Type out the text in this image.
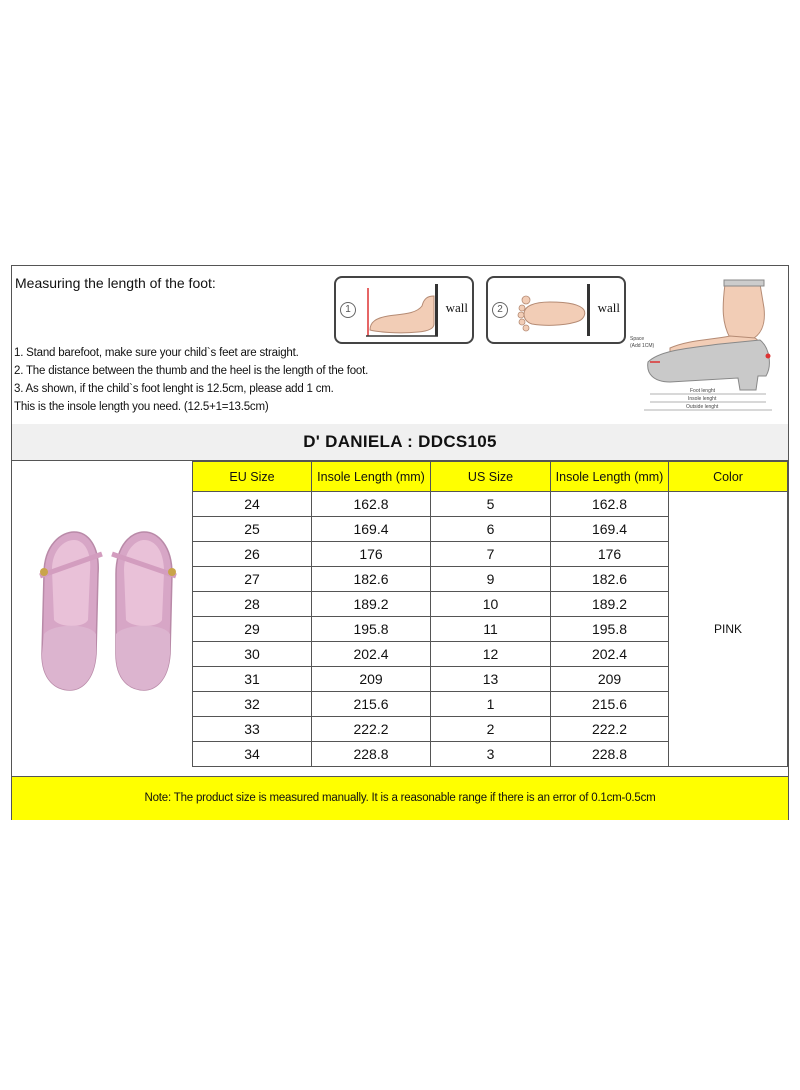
Measuring the length of the foot:
1	wall	2	wall
Space
(Add 1CM)
Foot lenght
Insole lenght
Outside lenght
1. Stand barefoot, make sure your child`s feet are straight.
2. The distance between the thumb and the heel is the length of the foot.
3. As shown, if the child`s foot lenght is 12.5cm, please add 1 cm.
This is the insole length you need. (12.5+1=13.5cm)
D' DANIELA : DDCS105
EU Size	Insole Length (mm)	US Size	Insole Length (mm)	Color
24	162.8	5	162.8	PINK
25	169.4	6	169.4	
26	176	7	176	
27	182.6	9	182.6	
28	189.2	10	189.2	
29	195.8	11	195.8	
30	202.4	12	202.4	
31	209	13	209	
32	215.6	1	215.6	
33	222.2	2	222.2	
34	228.8	3	228.8	
Note: The product size is measured manually. It is a reasonable range if there is an error of 0.1cm-0.5cm
